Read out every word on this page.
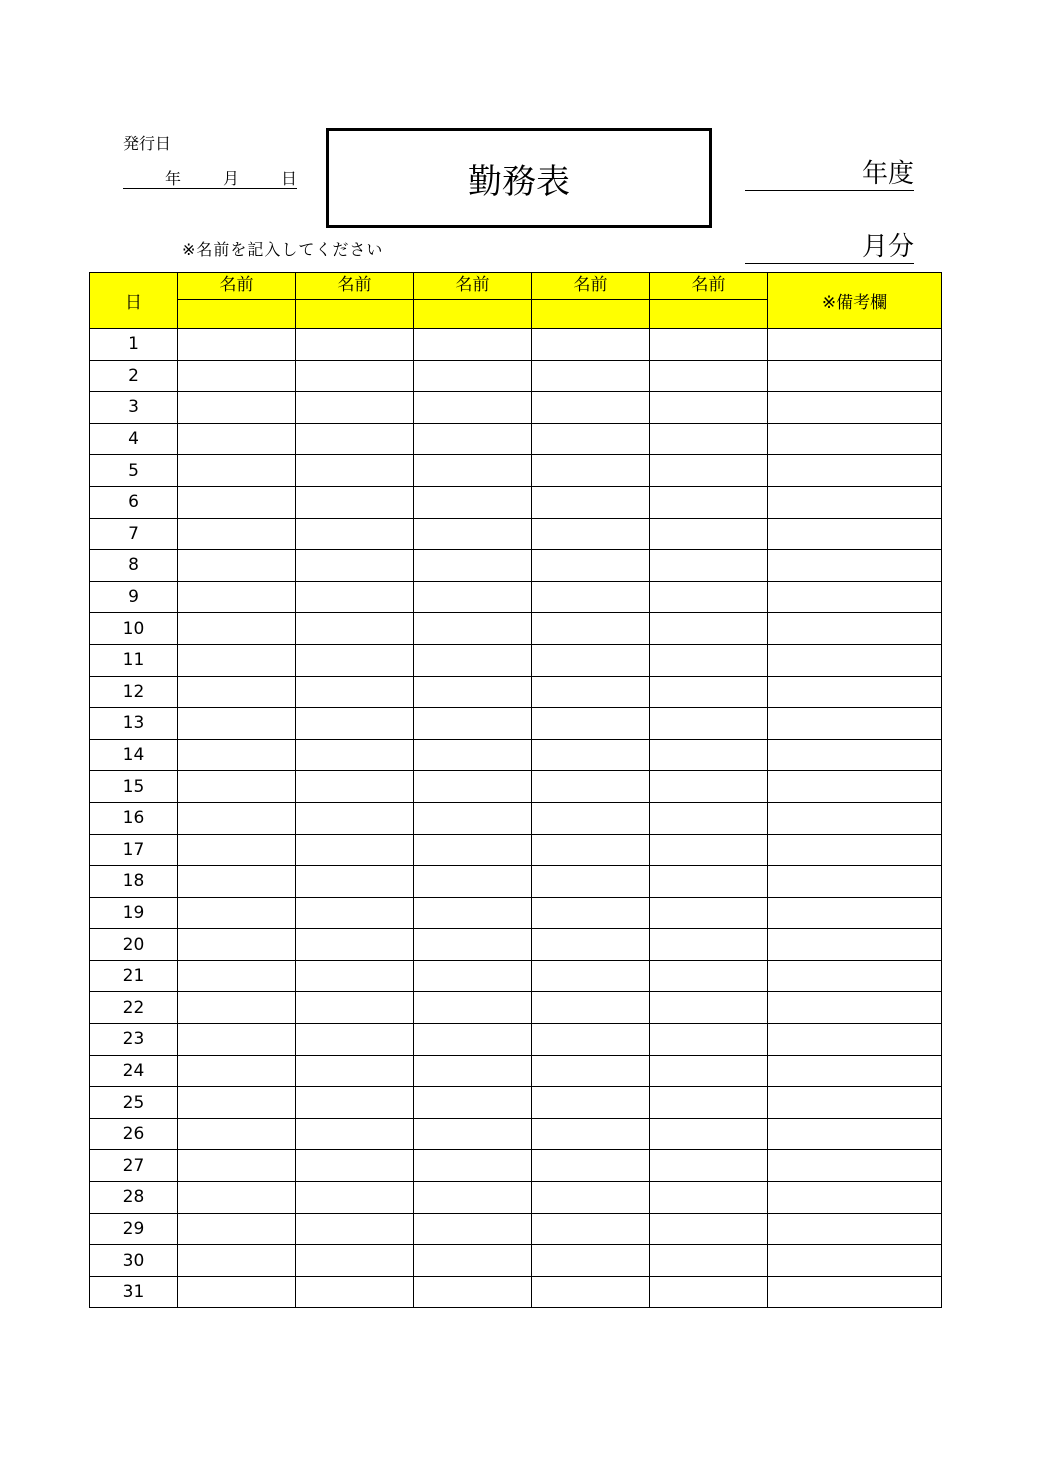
発行日
年	月	日	勤務表	年度
※名前を記入してください	月分
日	名前	名前	名前	名前	名前	※備考欄

1						
2						
3						
4						
5						
6						
7						
8						
9						
10						
11						
12						
13						
14						
15						
16						
17						
18						
19						
20						
21						
22						
23						
24						
25						
26						
27						
28						
29						
30						
31						
